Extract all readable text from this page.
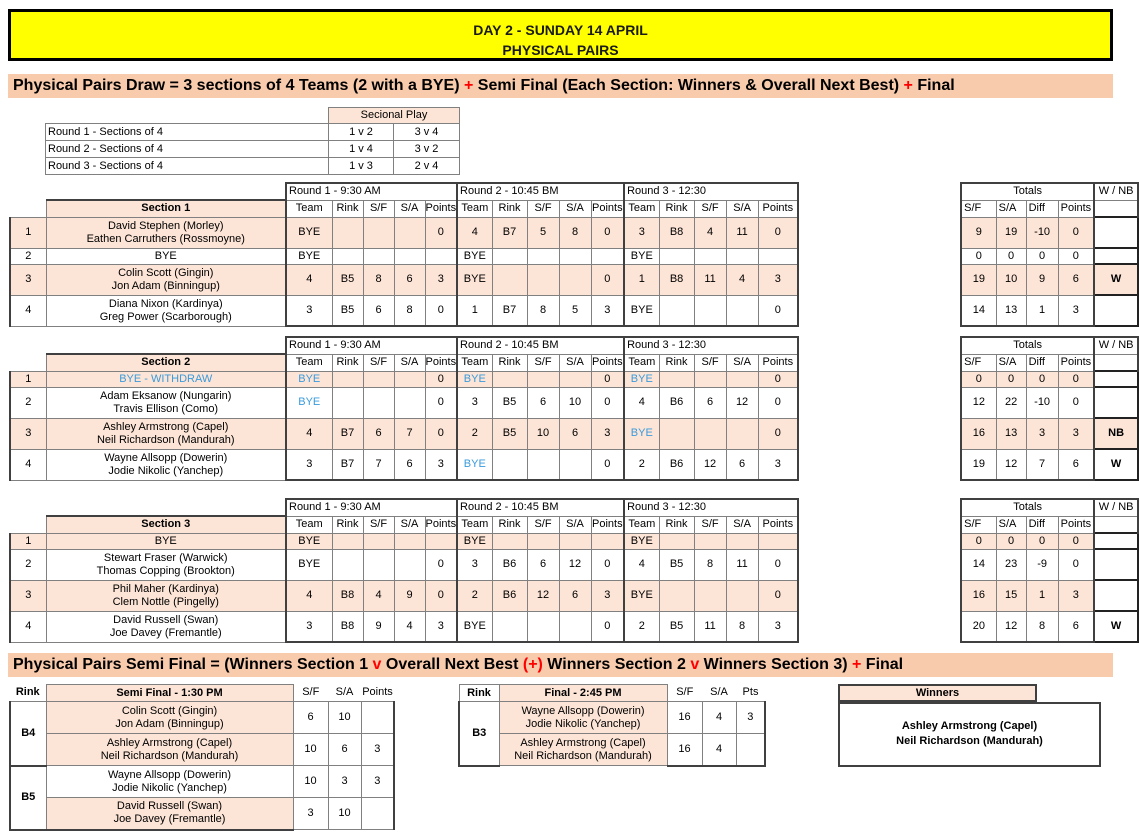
DAY 2 - SUNDAY 14 APRIL
PHYSICAL PAIRS
Physical Pairs Draw = 3 sections of 4 Teams (2 with a BYE) + Semi Final (Each Section: Winners & Overall Next Best) + Final
	Secional Play	
Round 1 - Sections of 4	1 v 2	3 v 4
Round 2 - Sections of 4	1 v 4	3 v 2
Round 3 - Sections of 4	1 v 3	2 v 4
		Round 1 - 9:30 AM					Round 2 - 10:45 BM					Round 3 - 12:30						Totals				W / NB
	Section 1	Team	Rink	S/F	S/A	Points	Team	Rink	S/F	S/A	Points	Team	Rink	S/F	S/A	Points		S/F	S/A	Diff	Points	
1	David Stephen (Morley)
Eathen Carruthers (Rossmoyne)	BYE				0	4	B7	5	8	0	3	B8	4	11	0		9	19	-10	0	
2	BYE	BYE					BYE					BYE						0	0	0	0	
3	Colin Scott (Gingin)
Jon Adam (Binningup)	4	B5	8	6	3	BYE				0	1	B8	11	4	3		19	10	9	6	W
4	Diana Nixon (Kardinya)
Greg Power (Scarborough)	3	B5	6	8	0	1	B7	8	5	3	BYE				0		14	13	1	3	
		Round 1 - 9:30 AM					Round 2 - 10:45 BM					Round 3 - 12:30						Totals				W / NB
	Section 2	Team	Rink	S/F	S/A	Points	Team	Rink	S/F	S/A	Points	Team	Rink	S/F	S/A	Points		S/F	S/A	Diff	Points	
1	BYE - WITHDRAW	BYE				0	BYE				0	BYE				0		0	0	0	0	
2	Adam Eksanow (Nungarin)
Travis Ellison (Como)	BYE				0	3	B5	6	10	0	4	B6	6	12	0		12	22	-10	0	
3	Ashley Armstrong (Capel)
Neil Richardson (Mandurah)	4	B7	6	7	0	2	B5	10	6	3	BYE				0		16	13	3	3	NB
4	Wayne Allsopp (Dowerin)
Jodie Nikolic (Yanchep)	3	B7	7	6	3	BYE				0	2	B6	12	6	3		19	12	7	6	W
		Round 1 - 9:30 AM					Round 2 - 10:45 BM					Round 3 - 12:30						Totals				W / NB
	Section 3	Team	Rink	S/F	S/A	Points	Team	Rink	S/F	S/A	Points	Team	Rink	S/F	S/A	Points		S/F	S/A	Diff	Points	
1	BYE	BYE					BYE					BYE						0	0	0	0	
2	Stewart Fraser (Warwick)
Thomas Copping (Brookton)	BYE				0	3	B6	6	12	0	4	B5	8	11	0		14	23	-9	0	
3	Phil Maher (Kardinya)
Clem Nottle (Pingelly)	4	B8	4	9	0	2	B6	12	6	3	BYE				0		16	15	1	3	
4	David Russell (Swan)
Joe Davey (Fremantle)	3	B8	9	4	3	BYE				0	2	B5	11	8	3		20	12	8	6	W
Physical Pairs Semi Final = (Winners Section 1 v Overall Next Best (+) Winners Section 2 v Winners Section 3) + Final
Rink	Semi Final - 1:30 PM	S/F	S/A	Points
B4	Colin Scott (Gingin)
Jon Adam (Binningup)	6	10	

	Ashley Armstrong (Capel)
Neil Richardson (Mandurah)	10	6	3
B5	Wayne Allsopp (Dowerin)
Jodie Nikolic (Yanchep)	10	3	3

	David Russell (Swan)
Joe Davey (Fremantle)	3	10	
Rink	Final - 2:45 PM	S/F	S/A	Pts
B3	Wayne Allsopp (Dowerin)
Jodie Nikolic (Yanchep)	16	4	3

	Ashley Armstrong (Capel)
Neil Richardson (Mandurah)	16	4	
Winners
Ashley Armstrong (Capel)
Neil Richardson (Mandurah)
